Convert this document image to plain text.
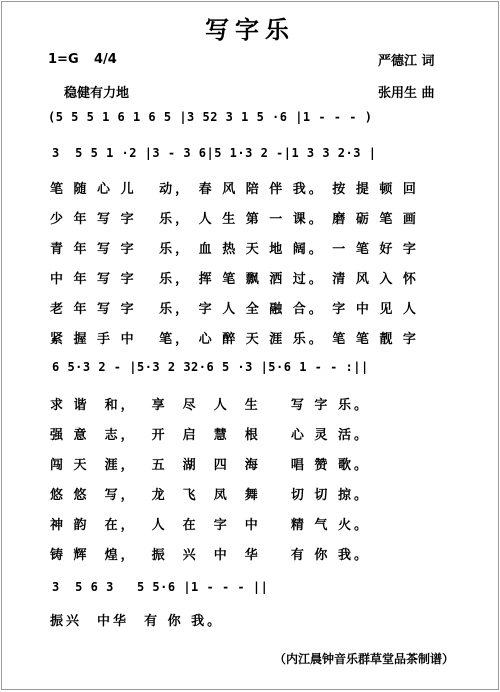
写字乐
1=G 4/4	严德江 词
稳健有力地	张用生 曲
(5 5 5 1 6 1 6 5 |3 52 3 1 5 ·6 |1 - - - )
3  5 5 1 ·2 |3 - 3 6|5 1·3 2 -|1 3 3 2·3 |
笔 随 心 儿   动， 春 风 陪 伴 我。 按 提 顿 回
少 年 写 字   乐， 人 生 第 一 课。 磨 砺 笔 画
青 年 写 字   乐， 血 热 天 地 阔。 一 笔 好 字
中 年 写 字   乐， 挥 笔 飘 洒 过。 清 风 入 怀
老 年 写 字   乐， 字 人 全 融 合。 字 中 见 人
紧 握 手 中   笔， 心 醉 天 涯 乐。 笔 笔 靓 字
6 5·3 2 - |5·3 2 32·6 5 ·3 |5·6 1 - - :||
求 谐  和，  享  尽  人  生    写 字 乐。
强 意  志，  开  启  慧  根    心 灵 活。
闯 天  涯，  五  湖  四  海    唱 赞 歌。
悠 悠  写，  龙  飞  凤  舞    切 切 掠。
神 韵  在，  人  在  字  中    精 气 火。
铸 辉  煌，  振  兴  中  华    有 你 我。
3  5 6 3   5 5·6 |1 - - - ||
振兴  中华  有 你 我。
（内江晨钟音乐群草堂品茶制谱）
